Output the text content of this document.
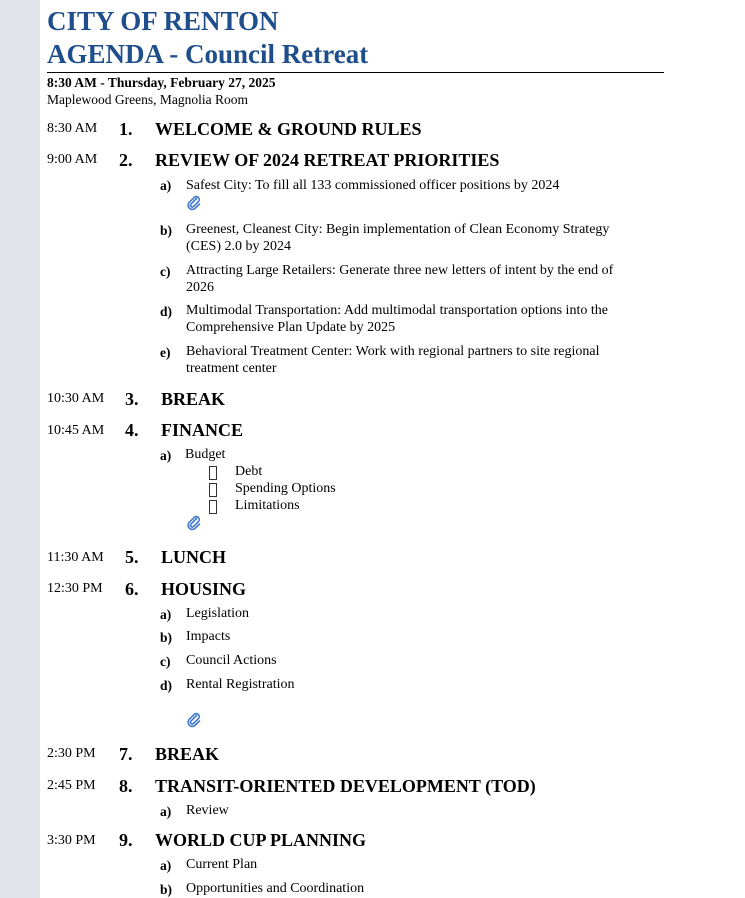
CITY OF RENTON
AGENDA - Council Retreat
8:30 AM - Thursday, February 27, 2025
Maplewood Greens, Magnolia Room
8:30 AM 1. WELCOME & GROUND RULES
9:00 AM 2. REVIEW OF 2024 RETREAT PRIORITIES
a) Safest City: To fill all 133 commissioned officer positions by 2024
b) Greenest, Cleanest City: Begin implementation of Clean Economy Strategy
(CES) 2.0 by 2024
c) Attracting Large Retailers: Generate three new letters of intent by the end of
2026
d) Multimodal Transportation: Add multimodal transportation options into the
Comprehensive Plan Update by 2025
e) Behavioral Treatment Center: Work with regional partners to site regional
treatment center
10:30 AM 3. BREAK
10:45 AM 4. FINANCE
a) Budget
Debt
Spending Options
Limitations
11:30 AM 5. LUNCH
12:30 PM 6. HOUSING
a) Legislation
b) Impacts
c) Council Actions
d) Rental Registration
2:30 PM 7. BREAK
2:45 PM 8. TRANSIT-ORIENTED DEVELOPMENT (TOD)
a) Review
3:30 PM 9. WORLD CUP PLANNING
a) Current Plan
b) Opportunities and Coordination
